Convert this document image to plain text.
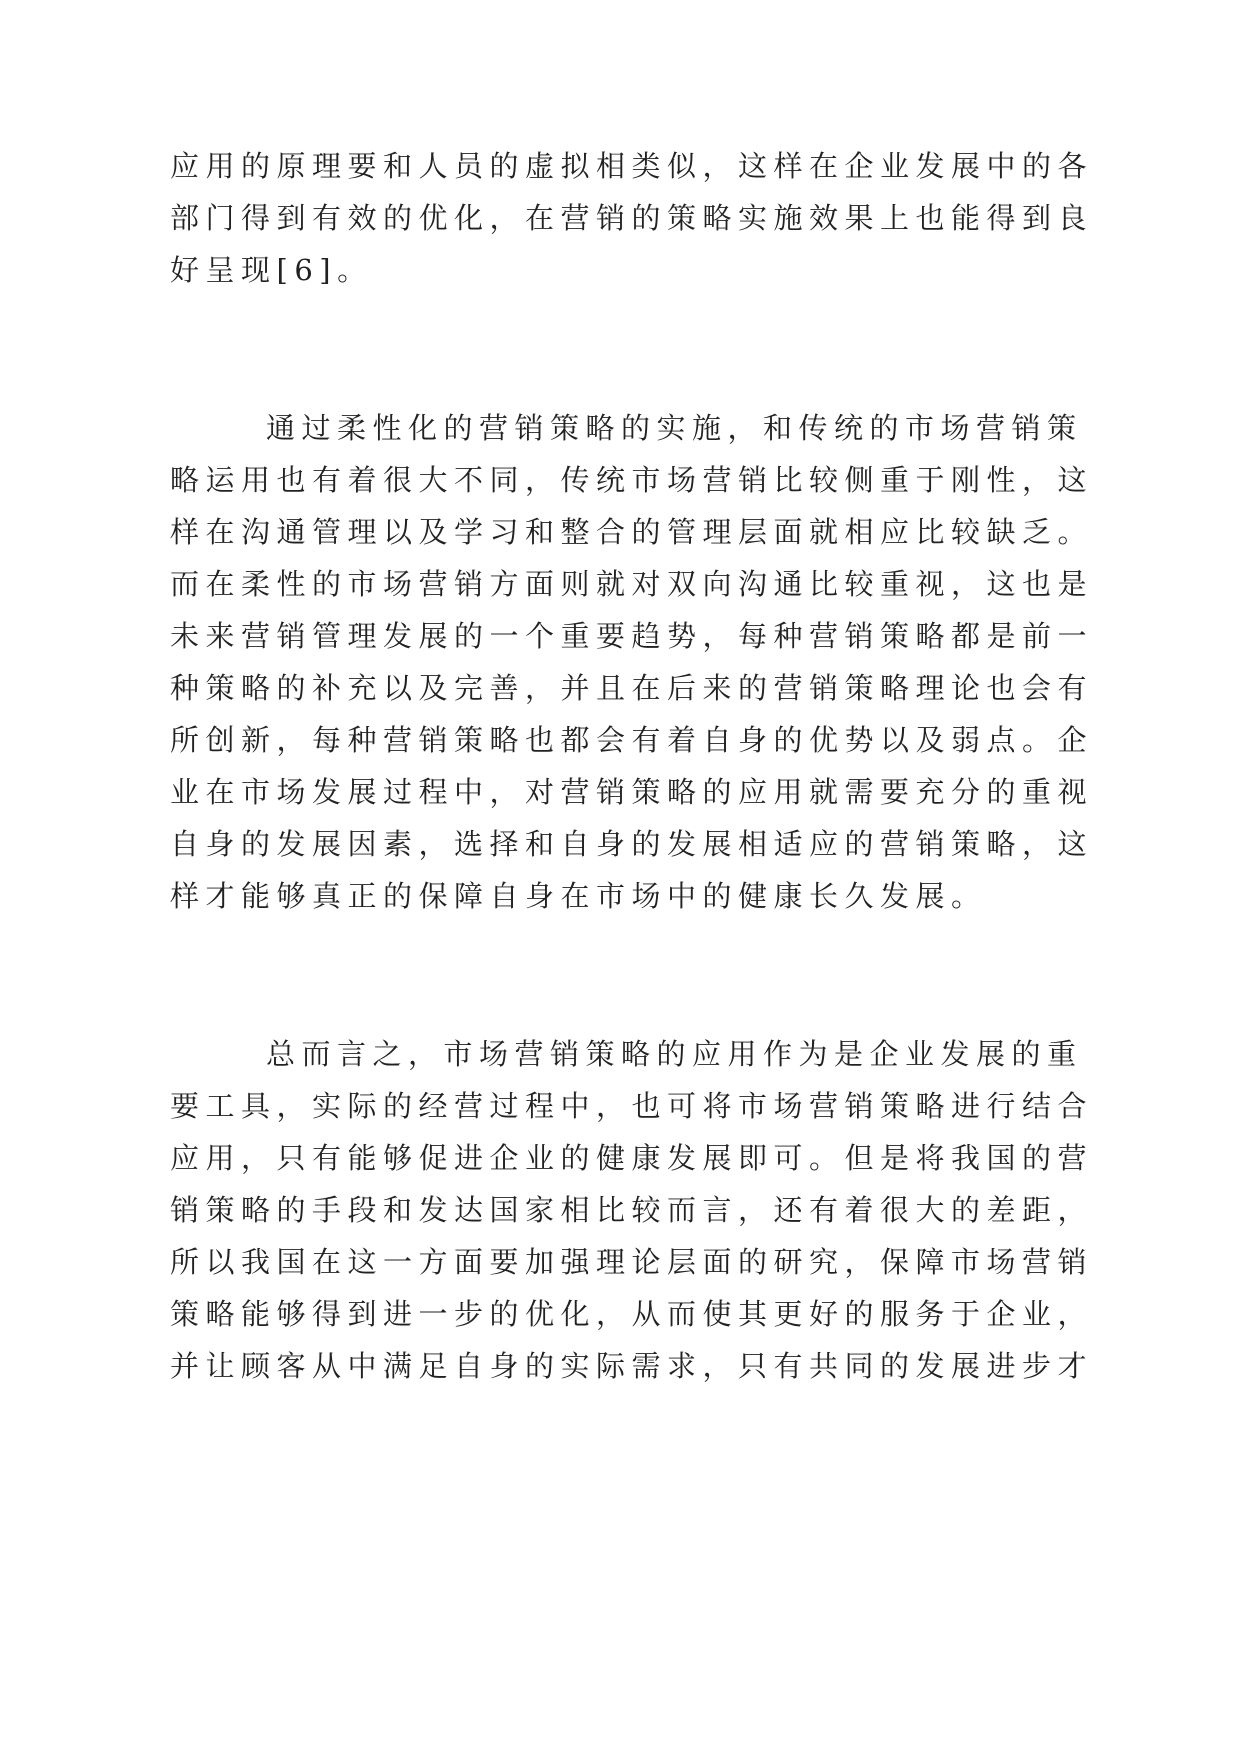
应用的原理要和人员的虚拟相类似，这样在企业发展中的各
部门得到有效的优化，在营销的策略实施效果上也能得到良
好呈现[6]。
通过柔性化的营销策略的实施，和传统的市场营销策
略运用也有着很大不同，传统市场营销比较侧重于刚性，这
样在沟通管理以及学习和整合的管理层面就相应比较缺乏。
而在柔性的市场营销方面则就对双向沟通比较重视，这也是
未来营销管理发展的一个重要趋势，每种营销策略都是前一
种策略的补充以及完善，并且在后来的营销策略理论也会有
所创新，每种营销策略也都会有着自身的优势以及弱点。企
业在市场发展过程中，对营销策略的应用就需要充分的重视
自身的发展因素，选择和自身的发展相适应的营销策略，这
样才能够真正的保障自身在市场中的健康长久发展。
总而言之，市场营销策略的应用作为是企业发展的重
要工具，实际的经营过程中，也可将市场营销策略进行结合
应用，只有能够促进企业的健康发展即可。但是将我国的营
销策略的手段和发达国家相比较而言，还有着很大的差距，
所以我国在这一方面要加强理论层面的研究，保障市场营销
策略能够得到进一步的优化，从而使其更好的服务于企业，
并让顾客从中满足自身的实际需求，只有共同的发展进步才
